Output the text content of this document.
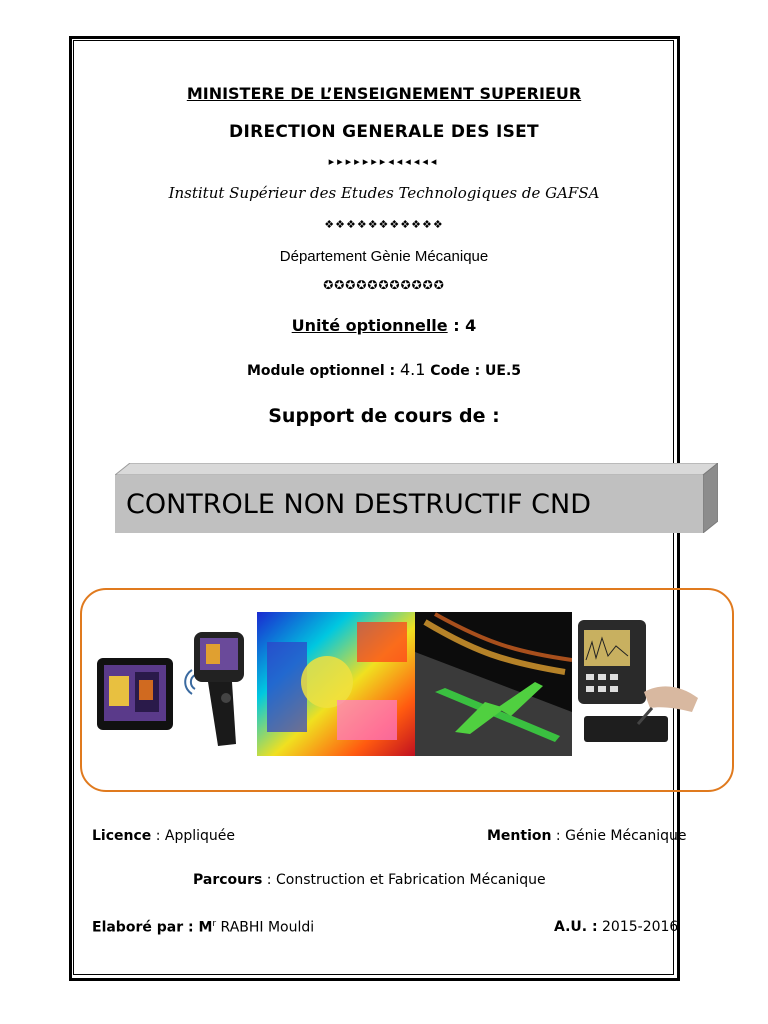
MINISTERE DE L’ENSEIGNEMENT SUPERIEUR
DIRECTION GENERALE DES ISET
▸▸▸▸▸▸▸◂◂◂◂◂◂
Institut Supérieur des Etudes Technologiques de GAFSA
❖❖❖❖❖❖❖❖❖❖❖
Département Gènie Mécanique
✪✪✪✪✪✪✪✪✪✪✪
Unité optionnelle : 4
Module optionnel : 4.1 Code : UE.5
Support de cours de :
CONTROLE NON DESTRUCTIF CND
Licence : Appliquée	Mention : Génie Mécanique
Parcours : Construction et Fabrication Mécanique
Elaboré par : $M^r$ RABHI Mouldi	A.U. : 2015-2016
